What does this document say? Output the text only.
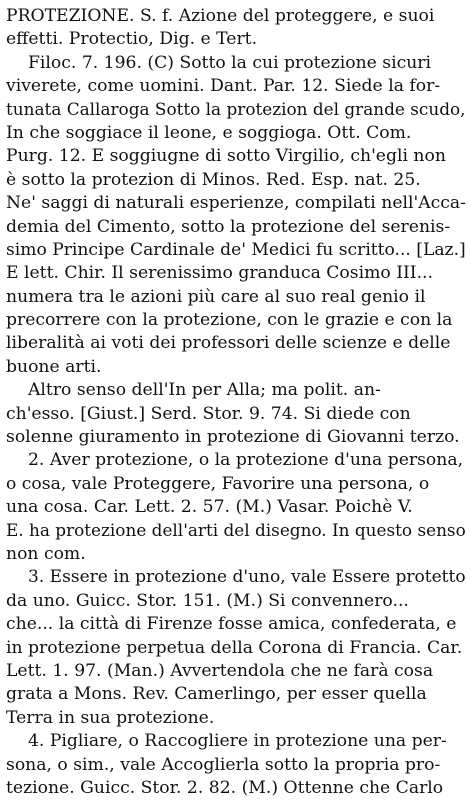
PROTEZIONE. S. f. Azione del proteggere, e suoi
effetti. Protectio, Dig. e Tert.
Filoc. 7. 196. (C) Sotto la cui protezione sicuri
viverete, come uomini. Dant. Par. 12. Siede la for-
tunata Callaroga Sotto la protezion del grande scudo,
In che soggiace il leone, e soggioga. Ott. Com.
Purg. 12. E soggiugne di sotto Virgilio, ch'egli non
è sotto la protezion di Minos. Red. Esp. nat. 25.
Ne' saggi di naturali esperienze, compilati nell'Acca-
demia del Cimento, sotto la protezione del serenis-
simo Principe Cardinale de' Medici fu scritto... [Laz.]
E lett. Chir. Il serenissimo granduca Cosimo III...
numera tra le azioni più care al suo real genio il
precorrere con la protezione, con le grazie e con la
liberalità ai voti dei professori delle scienze e delle
buone arti.
Altro senso dell'In per Alla; ma polit. an-
ch'esso. [Giust.] Serd. Stor. 9. 74. Si diede con
solenne giuramento in protezione di Giovanni terzo.
2. Aver protezione, o la protezione d'una persona,
o cosa, vale Proteggere, Favorire una persona, o
una cosa. Car. Lett. 2. 57. (M.) Vasar. Poichè V.
E. ha protezione dell'arti del disegno. In questo senso
non com.
3. Essere in protezione d'uno, vale Essere protetto
da uno. Guicc. Stor. 151. (M.) Si convennero...
che... la città di Firenze fosse amica, confederata, e
in protezione perpetua della Corona di Francia. Car.
Lett. 1. 97. (Man.) Avvertendola che ne farà cosa
grata a Mons. Rev. Camerlingo, per esser quella
Terra in sua protezione.
4. Pigliare, o Raccogliere in protezione una per-
sona, o sim., vale Accoglierla sotto la propria pro-
tezione. Guicc. Stor. 2. 82. (M.) Ottenne che Carlo
